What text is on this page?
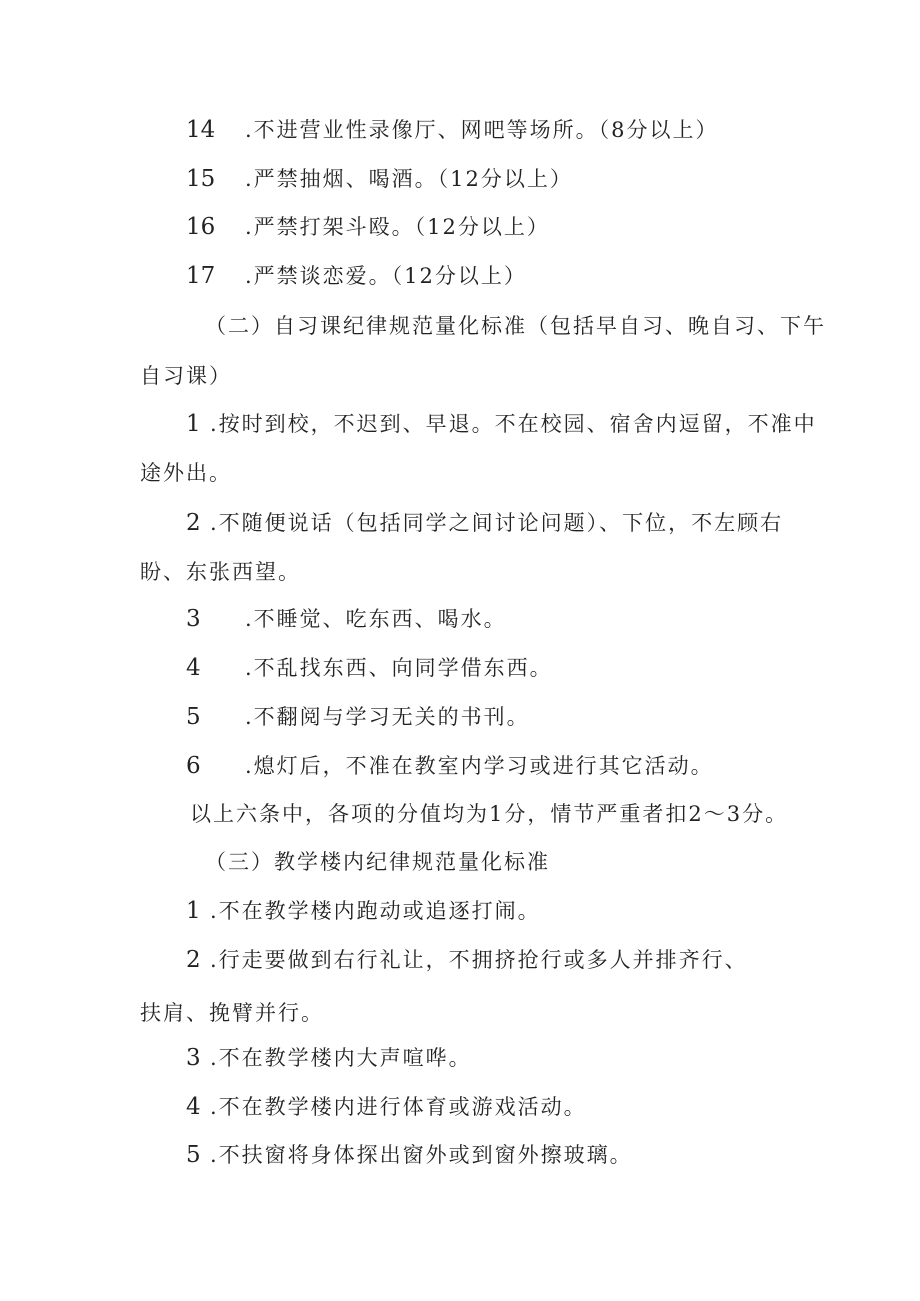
14 .不进营业性录像厅、网吧等场所。（8分以上）
15 .严禁抽烟、喝酒。（12分以上）
16 .严禁打架斗殴。（12分以上）
17 .严禁谈恋爱。（12分以上）
（二）自习课纪律规范量化标准（包括早自习、晚自习、下午
自习课）
1 .按时到校，不迟到、早退。不在校园、宿舍内逗留，不准中
途外出。
2 .不随便说话（包括同学之间讨论问题）、下位，不左顾右
盼、东张西望。
3 .不睡觉、吃东西、喝水。
4 .不乱找东西、向同学借东西。
5 .不翻阅与学习无关的书刊。
6 .熄灯后，不准在教室内学习或进行其它活动。
以上六条中，各项的分值均为1分，情节严重者扣2〜3分。
（三）教学楼内纪律规范量化标准
1 .不在教学楼内跑动或追逐打闹。
2 .行走要做到右行礼让，不拥挤抢行或多人并排齐行、
扶肩、挽臂并行。
3 .不在教学楼内大声喧哗。
4 .不在教学楼内进行体育或游戏活动。
5 .不扶窗将身体探出窗外或到窗外擦玻璃。
